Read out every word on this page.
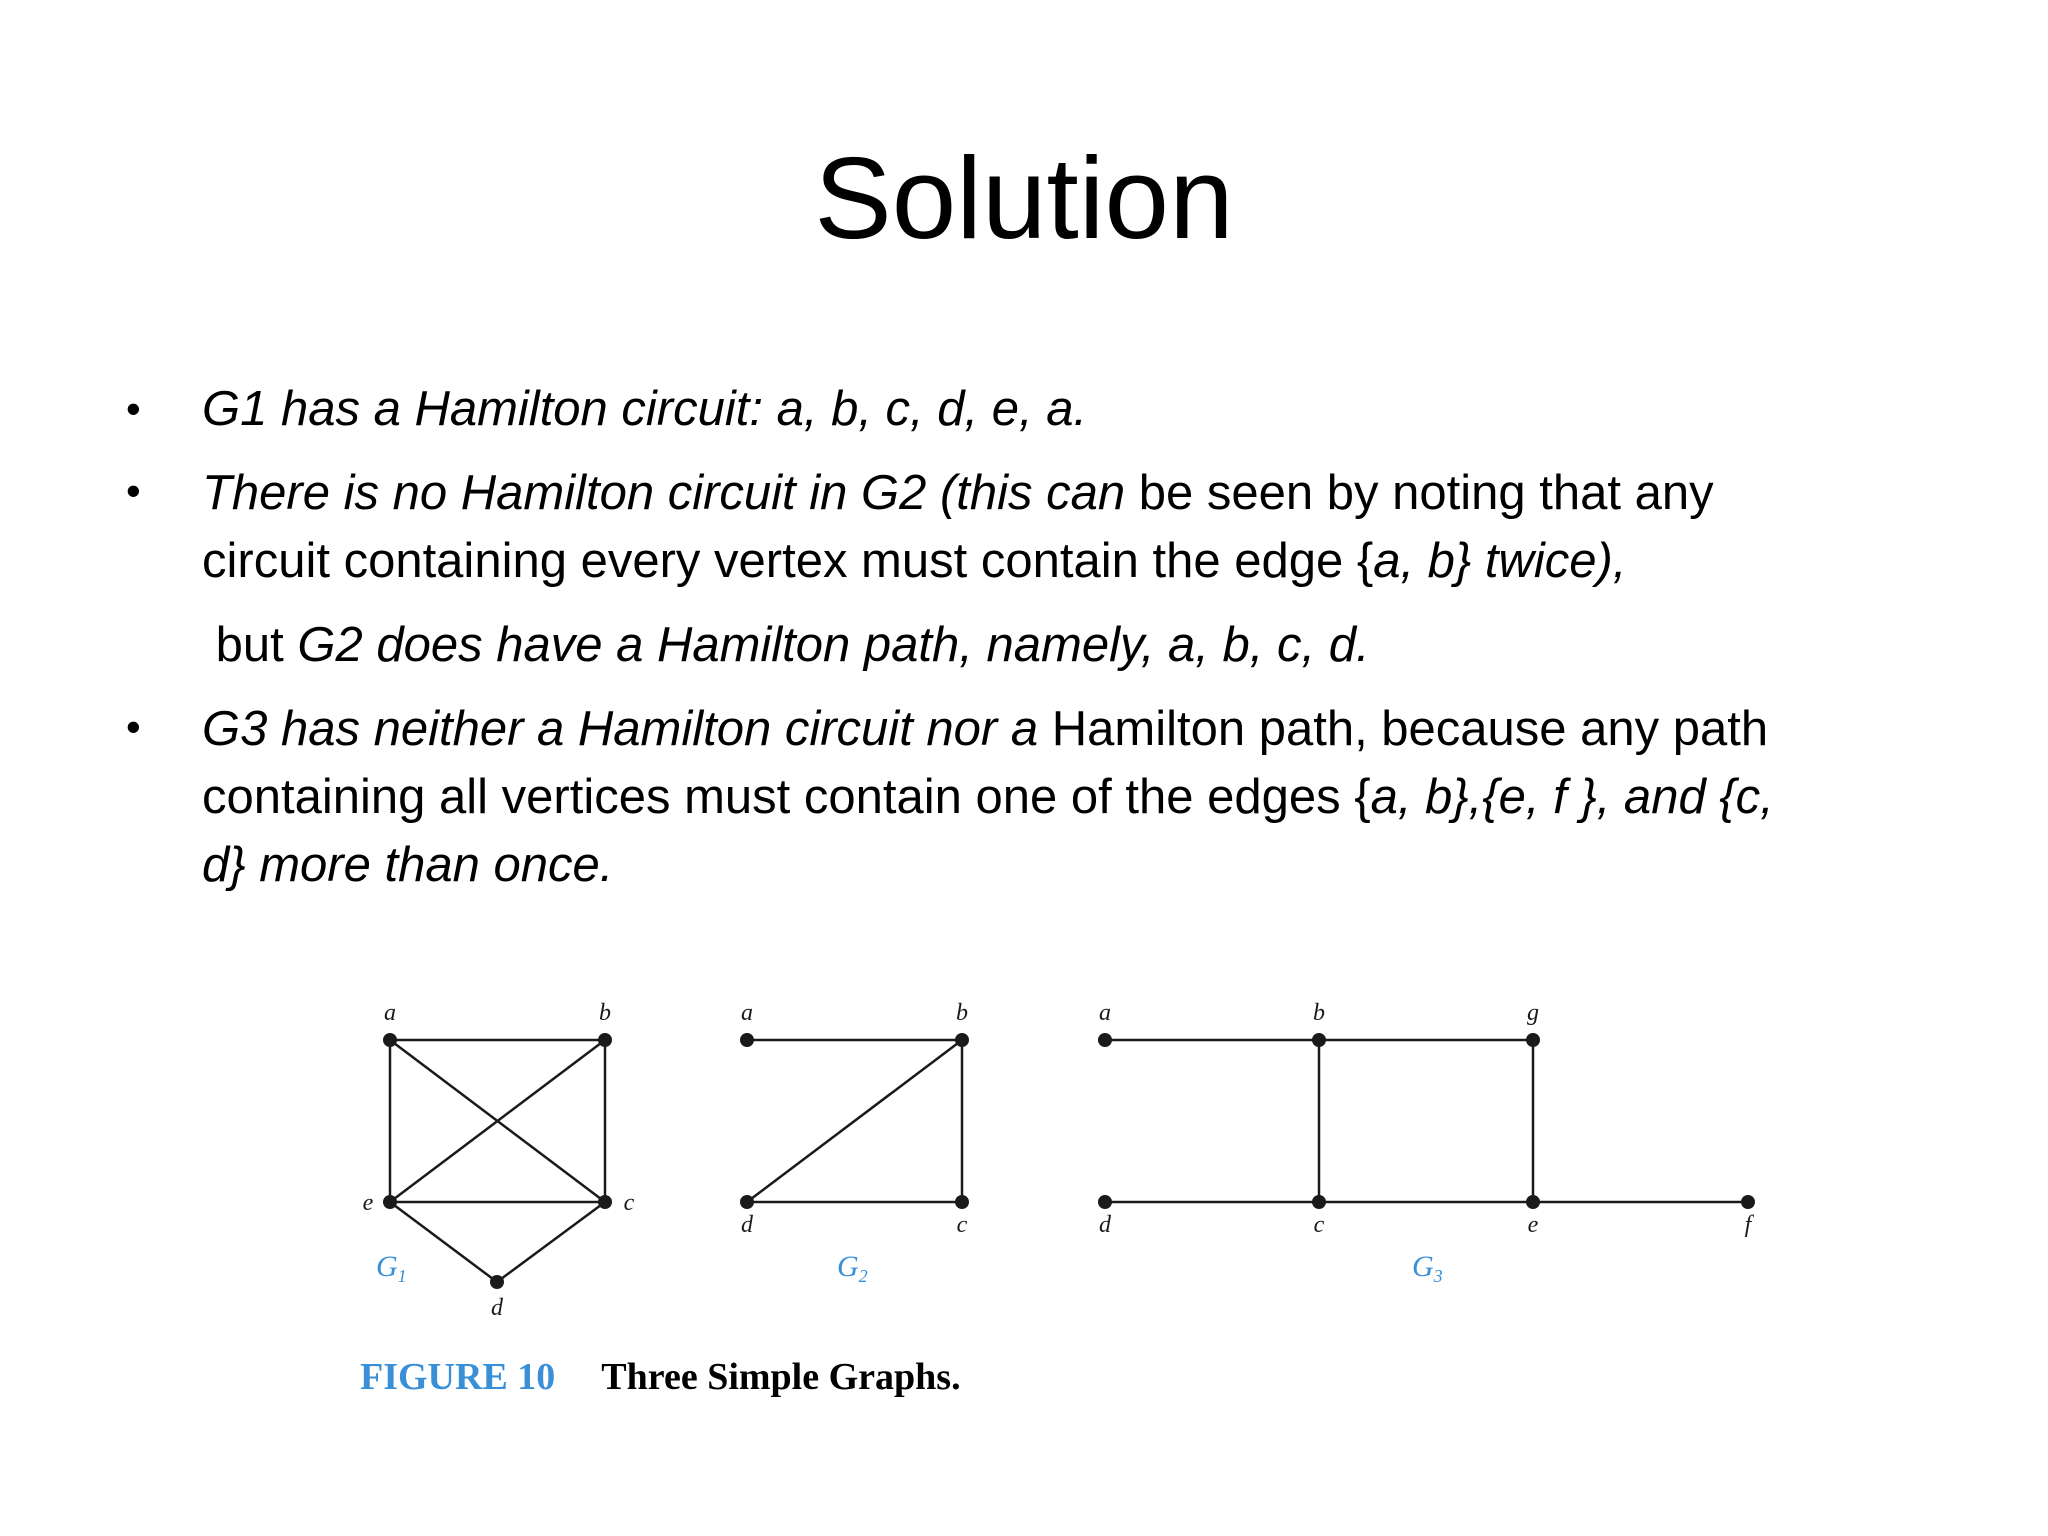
Solution
• G1 has a Hamilton circuit: a, b, c, d, e, a.
• There is no Hamilton circuit in G2 (this can be seen by noting that any
circuit containing every vertex must contain the edge {a, b} twice),
but G2 does have a Hamilton path, namely, a, b, c, d.
• G3 has neither a Hamilton circuit nor a Hamilton path, because any path
containing all vertices must contain one of the edges {a, b},{e, f }, and {c,
d} more than once.
a	b
e	c
d
a	b
d	c
a	b	g
d	c	e	f
$G_1$	$G_2$	$G_3$
FIGURE 10 Three Simple Graphs.
